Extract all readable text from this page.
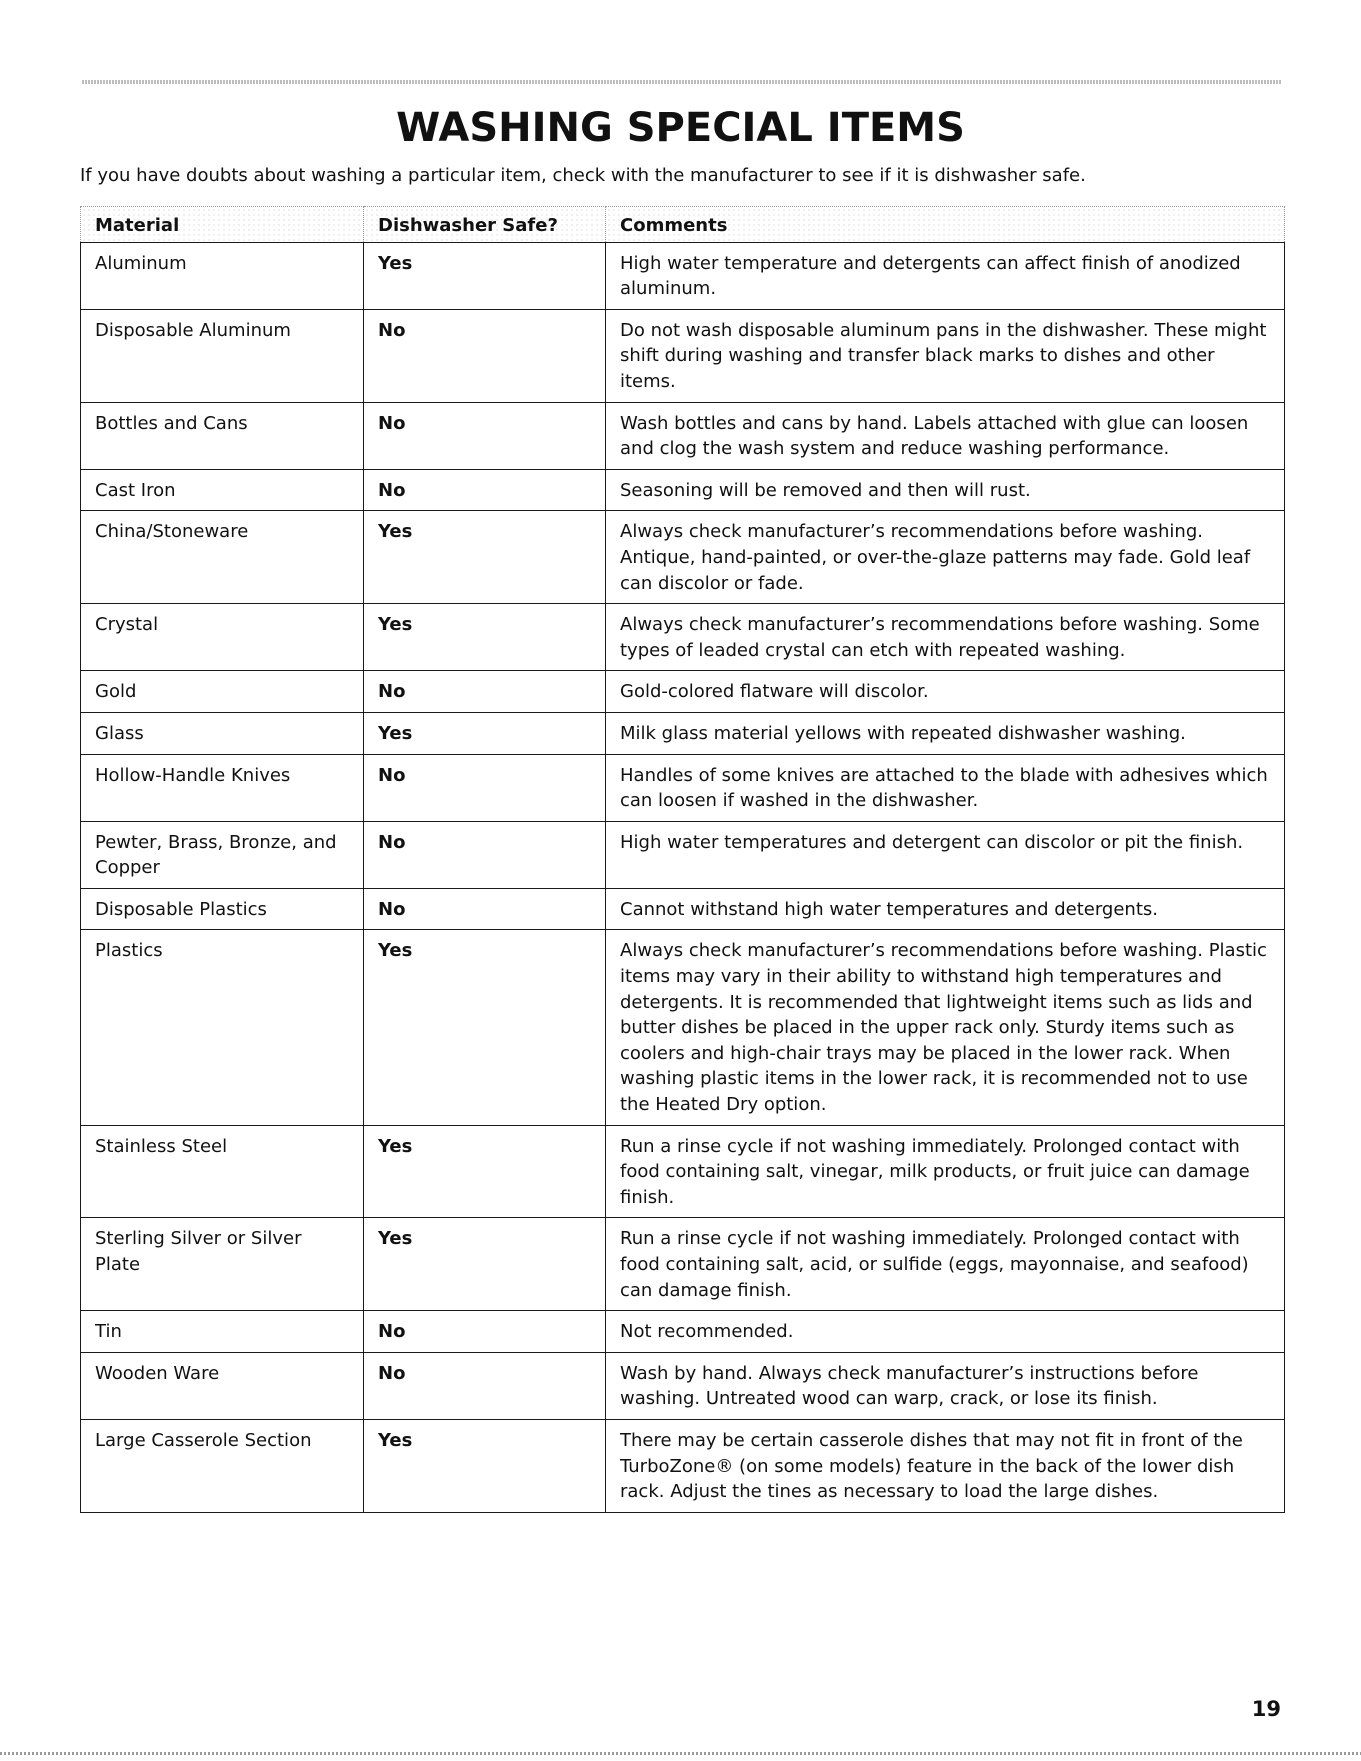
WASHING SPECIAL ITEMS
If you have doubts about washing a particular item, check with the manufacturer to see if it is dishwasher safe.
Material	Dishwasher Safe?	Comments
Aluminum	Yes	High water temperature and detergents can affect finish of anodized aluminum.
Disposable Aluminum	No	Do not wash disposable aluminum pans in the dishwasher. These might shift during washing and transfer black marks to dishes and other items.
Bottles and Cans	No	Wash bottles and cans by hand. Labels attached with glue can loosen and clog the wash system and reduce washing performance.
Cast Iron	No	Seasoning will be removed and then will rust.
China/Stoneware	Yes	Always check manufacturer’s recommendations before washing. Antique, hand-painted, or over-the-glaze patterns may fade. Gold leaf can discolor or fade.
Crystal	Yes	Always check manufacturer’s recommendations before washing. Some types of leaded crystal can etch with repeated washing.
Gold	No	Gold-colored flatware will discolor.
Glass	Yes	Milk glass material yellows with repeated dishwasher washing.
Hollow-Handle Knives	No	Handles of some knives are attached to the blade with adhesives which can loosen if washed in the dishwasher.
Pewter, Brass, Bronze, and Copper	No	High water temperatures and detergent can discolor or pit the finish.
Disposable Plastics	No	Cannot withstand high water temperatures and detergents.
Plastics	Yes	Always check manufacturer’s recommendations before washing. Plastic items may vary in their ability to withstand high temperatures and detergents. It is recommended that lightweight items such as lids and butter dishes be placed in the upper rack only. Sturdy items such as coolers and high-chair trays may be placed in the lower rack. When washing plastic items in the lower rack, it is recommended not to use the Heated Dry option.
Stainless Steel	Yes	Run a rinse cycle if not washing immediately. Prolonged contact with food containing salt, vinegar, milk products, or fruit juice can damage finish.
Sterling Silver or Silver Plate	Yes	Run a rinse cycle if not washing immediately. Prolonged contact with food containing salt, acid, or sulfide (eggs, mayonnaise, and seafood) can damage finish.
Tin	No	Not recommended.
Wooden Ware	No	Wash by hand. Always check manufacturer’s instructions before washing. Untreated wood can warp, crack, or lose its finish.
Large Casserole Section	Yes	There may be certain casserole dishes that may not fit in front of the TurboZone® (on some models) feature in the back of the lower dish rack. Adjust the tines as necessary to load the large dishes.
19
